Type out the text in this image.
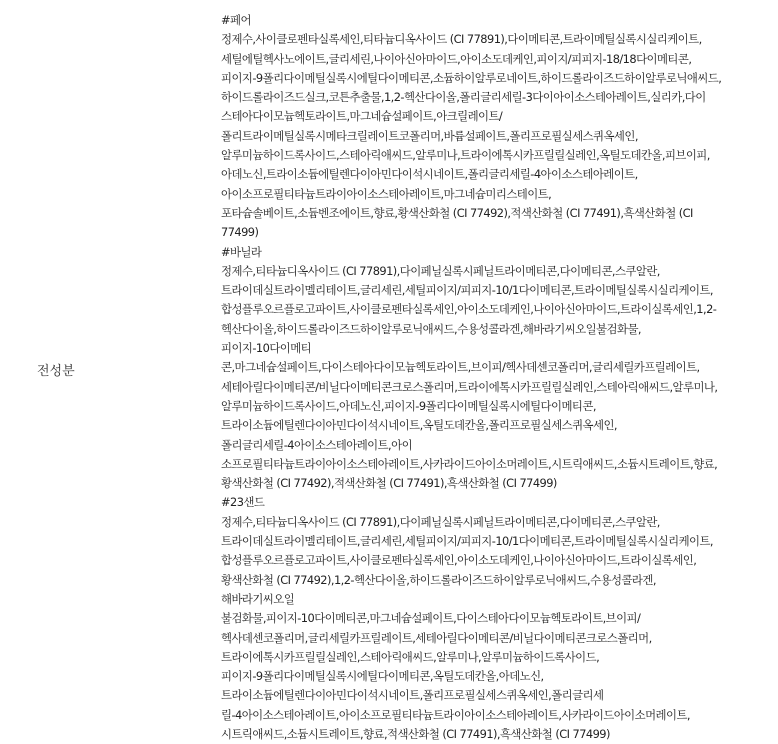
전성분

#페어

정제수,사이클로펜타실록세인,티타늄디옥사이드 (CI 77891),다이메티콘,트라이메틸실록시실리케이트,
세틸에틸헥사노에이트,글리세린,나이아신아마이드,아이소도데케인,피이지/피피지-18/18다이메티콘,
피이지-9폴리다이메틸실록시에틸다이메티콘,소듐하이알루로네이트,하이드롤라이즈드하이알루로닉애씨드,
하이드롤라이즈드실크,코튼추출물,1,2-헥산다이올,폴리글리세릴-3다이아이소스테아레이트,실리카,다이
스테아다이모늄헥토라이트,마그네슘설페이트,아크릴레이트/
폴리트라이메틸실록시메타크릴레이트코폴리머,바륨설페이트,폴리프로필실세스퀴옥세인,
알루미늄하이드록사이드,스테아릭애씨드,알루미나,트라이에톡시카프릴릴실레인,옥틸도데칸올,피브이피,
아데노신,트라이소듐에틸렌다이아민다이석시네이트,폴리글리세릴-4아이소스테아레이트,
아이소프로필티타늄트라이아이소스테아레이트,마그네슘미리스테이트,
포타슘솔베이트,소듐벤조에이트,향료,황색산화철 (CI 77492),적색산화철 (CI 77491),흑색산화철 (CI
77499)

#바닐라

정제수,티타늄디옥사이드 (CI 77891),다이페닐실록시페닐트라이메티콘,다이메티콘,스쿠알란,
트라이데실트라이멜리테이트,글리세린,세틸피이지/피피지-10/1다이메티콘,트라이메틸실록시실리케이트,
합성플루오르플로고파이트,사이클로펜타실록세인,아이소도데케인,나이아신아마이드,트라이실록세인,1,2-
헥산다이올,하이드롤라이즈드하이알루로닉애씨드,수용성콜라겐,해바라기씨오일불검화물,
피이지-10다이메티
콘,마그네슘설페이트,다이스테아다이모늄헥토라이트,브이피/헥사데센코폴리머,글리세릴카프릴레이트,
세테아릴다이메티콘/비닐다이메티콘크로스폴리머,트라이에톡시카프릴릴실레인,스테아릭애씨드,알루미나,
알루미늄하이드록사이드,아데노신,피이지-9폴리다이메틸실록시에틸다이메티콘,
트라이소듐에틸렌다이아민다이석시네이트,옥틸도데칸올,폴리프로필실세스퀴옥세인,
폴리글리세릴-4아이소스테아레이트,아이
소프로필티타늄트라이아이소스테아레이트,사카라이드아이소머레이트,시트릭애씨드,소듐시트레이트,향료,
황색산화철 (CI 77492),적색산화철 (CI 77491),흑색산화철 (CI 77499)

#23샌드

정제수,티타늄디옥사이드 (CI 77891),다이페닐실록시페닐트라이메티콘,다이메티콘,스쿠알란,
트라이데실트라이멜리테이트,글리세린,세틸피이지/피피지-10/1다이메티콘,트라이메틸실록시실리케이트,
합성플루오르플로고파이트,사이클로펜타실록세인,아이소도데케인,나이아신아마이드,트라이실록세인,
황색산화철 (CI 77492),1,2-헥산다이올,하이드롤라이즈드하이알루로닉애씨드,수용성콜라겐,
해바라기씨오일
불검화물,피이지-10다이메티콘,마그네슘설페이트,다이스테아다이모늄헥토라이트,브이피/
헥사데센코폴리머,글리세릴카프릴레이트,세테아릴다이메티콘/비닐다이메티콘크로스폴리머,
트라이에톡시카프릴릴실레인,스테아릭애씨드,알루미나,알루미늄하이드록사이드,
피이지-9폴리다이메틸실록시에틸다이메티콘,옥틸도데칸올,아데노신,
트라이소듐에틸렌다이아민다이석시네이트,폴리프로필실세스퀴옥세인,폴리글리세
릴-4아이소스테아레이트,아이소프로필티타늄트라이아이소스테아레이트,사카라이드아이소머레이트,
시트릭애씨드,소듐시트레이트,향료,적색산화철 (CI 77491),흑색산화철 (CI 77499)
